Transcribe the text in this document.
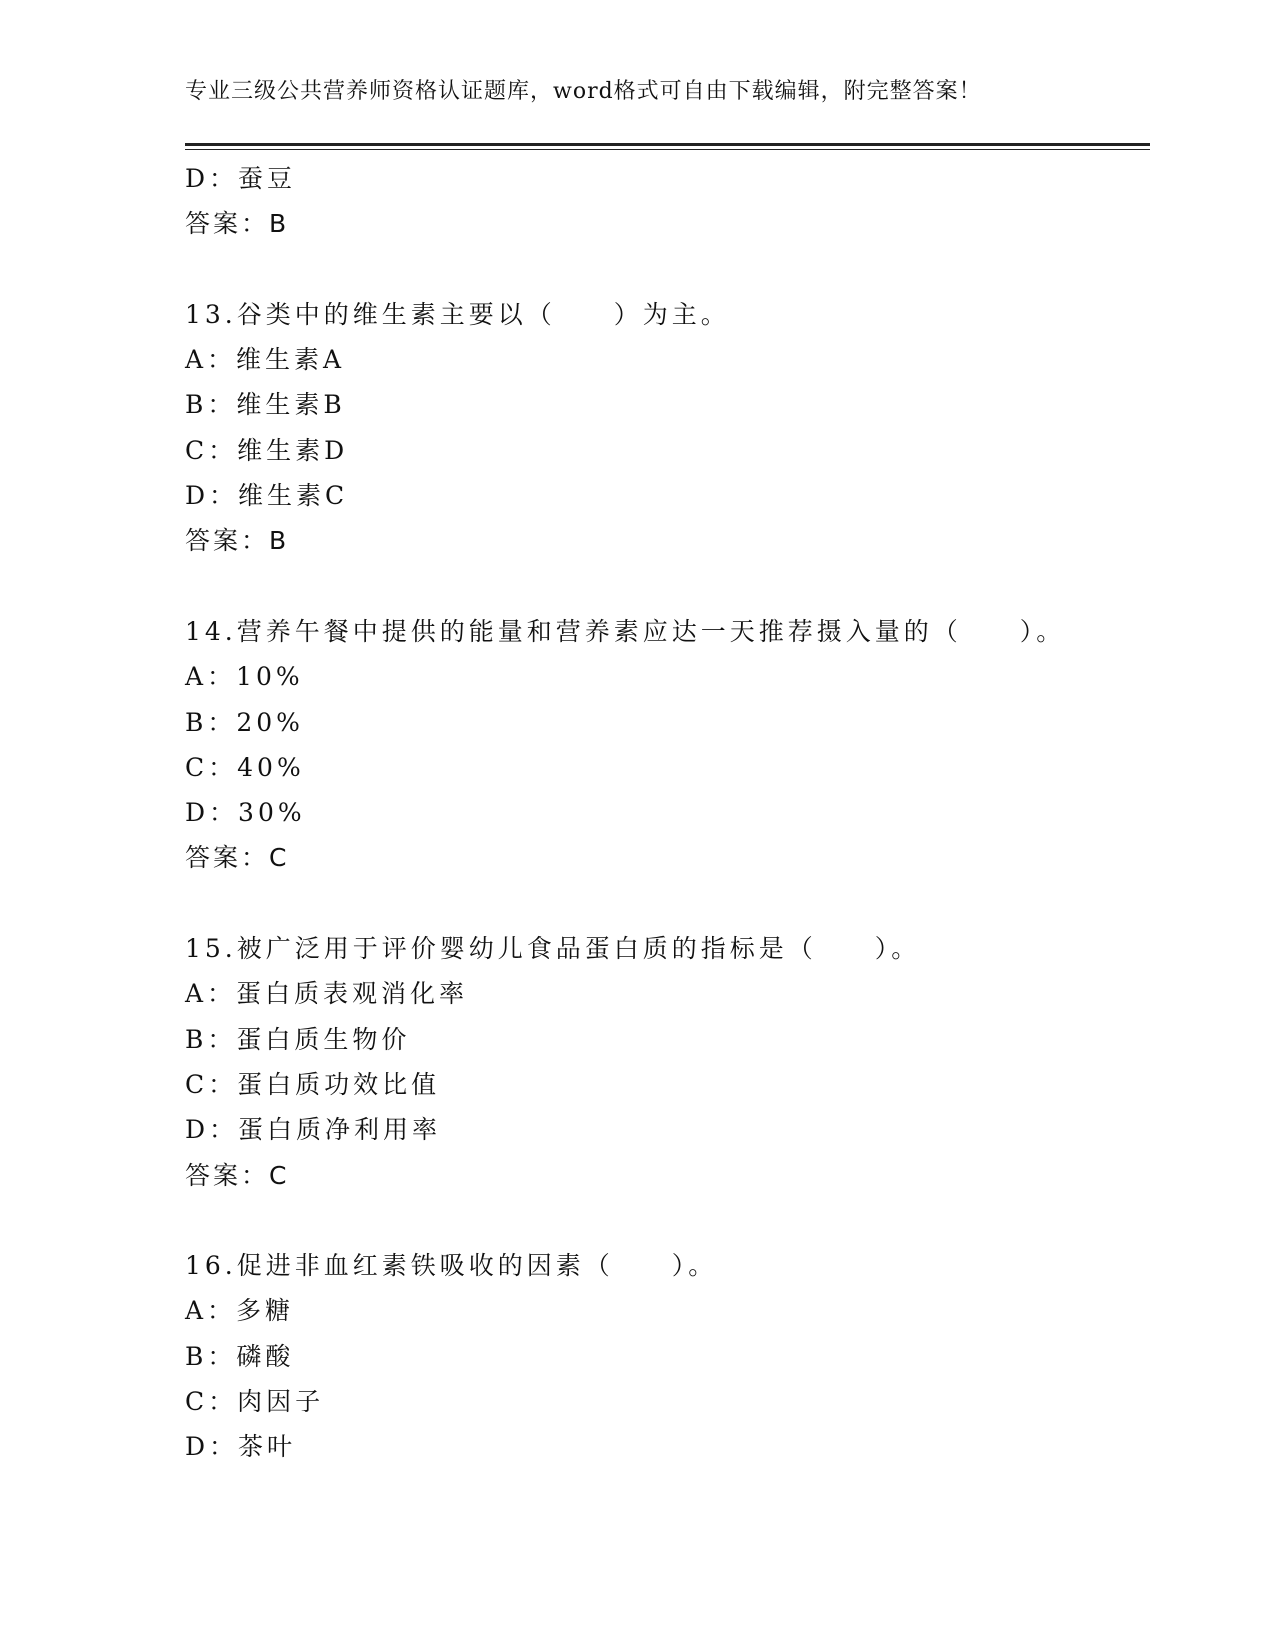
专业三级公共营养师资格认证题库，word格式可自由下载编辑，附完整答案！
D：蚕豆
答案：B
13.谷类中的维生素主要以（　　）为主。
A：维生素A
B：维生素B
C：维生素D
D：维生素C
答案：B
14.营养午餐中提供的能量和营养素应达一天推荐摄入量的（　　）。
A：10%
B：20%
C：40%
D：30%
答案：C
15.被广泛用于评价婴幼儿食品蛋白质的指标是（　　）。
A：蛋白质表观消化率
B：蛋白质生物价
C：蛋白质功效比值
D：蛋白质净利用率
答案：C
16.促进非血红素铁吸收的因素（　　）。
A：多糖
B：磷酸
C：肉因子
D：茶叶
